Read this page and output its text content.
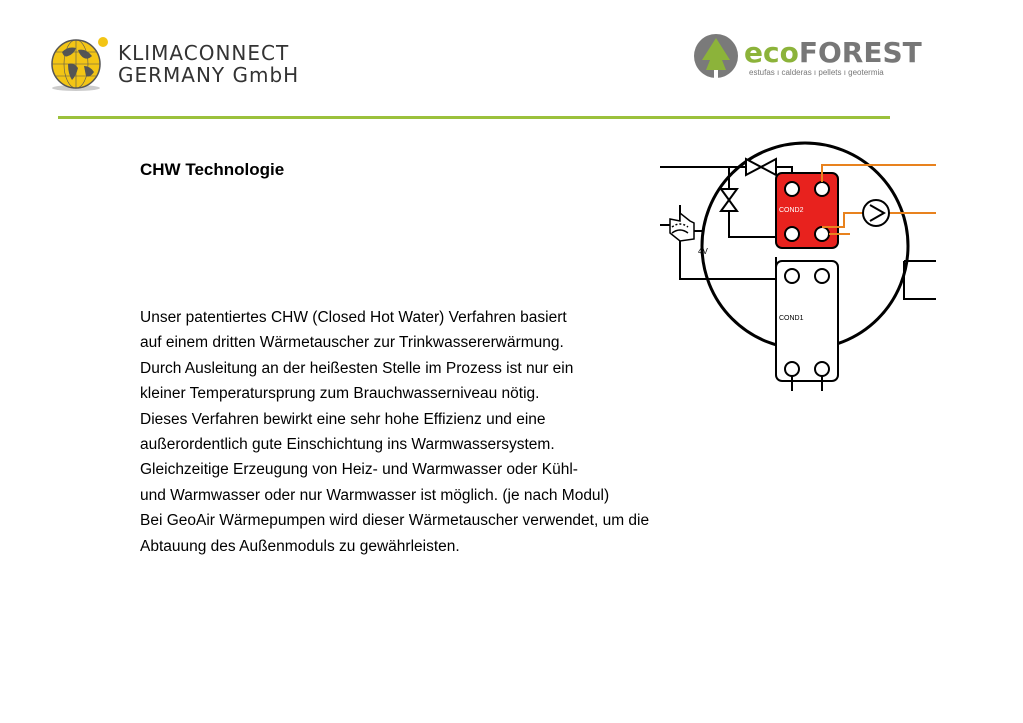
KLIMACONNECT
GERMANY GmbH
ecoFOREST
estufas ı calderas ı pellets ı geotermia
CHW Technologie
Unser patentiertes CHW (Closed Hot Water) Verfahren basiert
auf einem dritten Wärmetauscher zur Trinkwassererwärmung.
Durch Ausleitung an der heißesten Stelle im Prozess ist nur ein
kleiner Temperatursprung zum Brauchwasserniveau nötig.
Dieses Verfahren bewirkt eine sehr hohe Effizienz und eine
außerordentlich gute Einschichtung ins Warmwassersystem.
Gleichzeitige Erzeugung von Heiz- und Warmwasser oder Kühl-
und Warmwasser oder nur Warmwasser ist möglich. (je nach Modul)
Bei GeoAir Wärmepumpen wird dieser Wärmetauscher verwendet, um die
Abtauung des Außenmoduls zu gewährleisten.
4V
COND2
COND1
